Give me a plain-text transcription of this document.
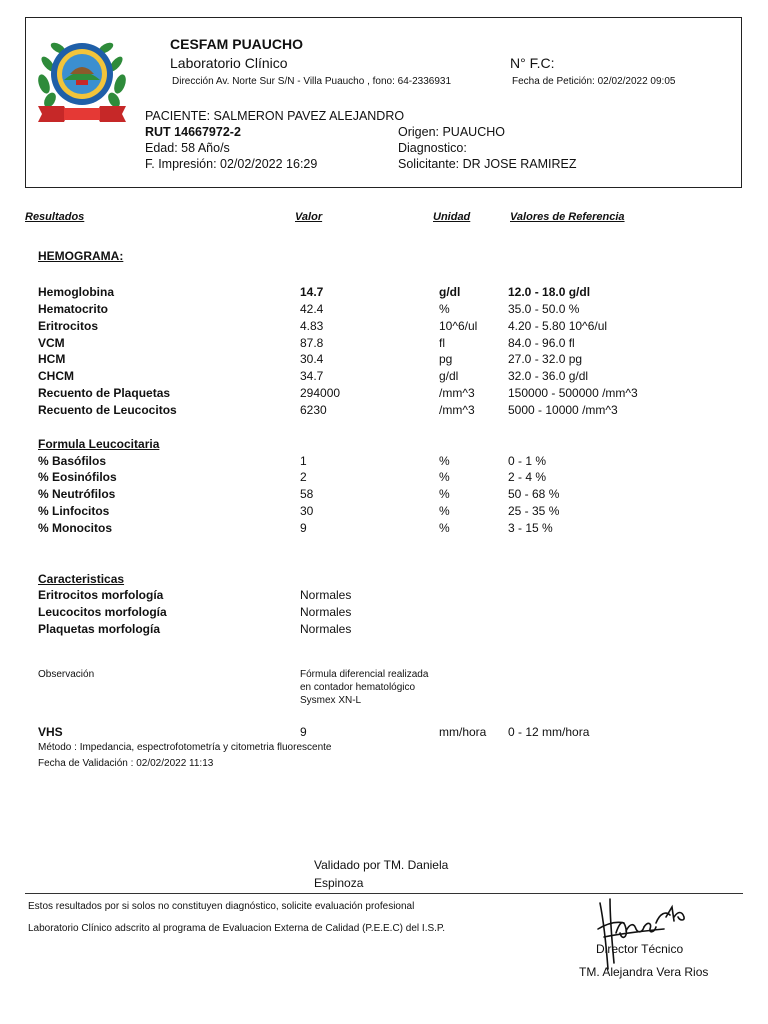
CESFAM PUAUCHO
Laboratorio Clínico
Dirección Av. Norte Sur S/N - Villa Puaucho , fono: 64-2336931
N° F.C:
Fecha de Petición: 02/02/2022 09:05
PACIENTE: SALMERON PAVEZ ALEJANDRO
RUT 14667972-2
Edad: 58 Año/s
F. Impresión: 02/02/2022 16:29
Origen: PUAUCHO
Diagnostico:
Solicitante: DR JOSE RAMIREZ
Resultados	Valor	Unidad	Valores de Referencia
HEMOGRAMA:
Hemoglobina	14.7	g/dl	12.0 - 18.0 g/dl
Hematocrito	42.4	%	35.0 - 50.0 %
Eritrocitos	4.83	10^6/ul	4.20 - 5.80 10^6/ul
VCM	87.8	fl	84.0 - 96.0 fl
HCM	30.4	pg	27.0 - 32.0 pg
CHCM	34.7	g/dl	32.0 - 36.0 g/dl
Recuento de Plaquetas	294000	/mm^3	150000 - 500000 /mm^3
Recuento de Leucocitos	6230	/mm^3	5000 - 10000 /mm^3
Formula Leucocitaria
% Basófilos	1	%	0 - 1 %
% Eosinófilos	2	%	2 - 4 %
% Neutrófilos	58	%	50 - 68 %
% Linfocitos	30	%	25 - 35 %
% Monocitos	9	%	3 - 15 %
Caracteristicas
Eritrocitos morfología	Normales
Leucocitos morfología	Normales
Plaquetas morfología	Normales
Observación	Fórmula diferencial realizada
en contador hematológico
Sysmex XN-L
VHS	9	mm/hora 0 - 12 mm/hora
Método : Impedancia, espectrofotometría y citometria fluorescente
Fecha de Validación : 02/02/2022 11:13
Validado por TM. Daniela
Espinoza
Estos resultados por si solos no constituyen diagnóstico, solicite evaluación profesional
Laboratorio Clínico adscrito al programa de Evaluacion Externa de Calidad (P.E.E.C) del I.S.P.
Director Técnico
TM. Alejandra Vera Rios
